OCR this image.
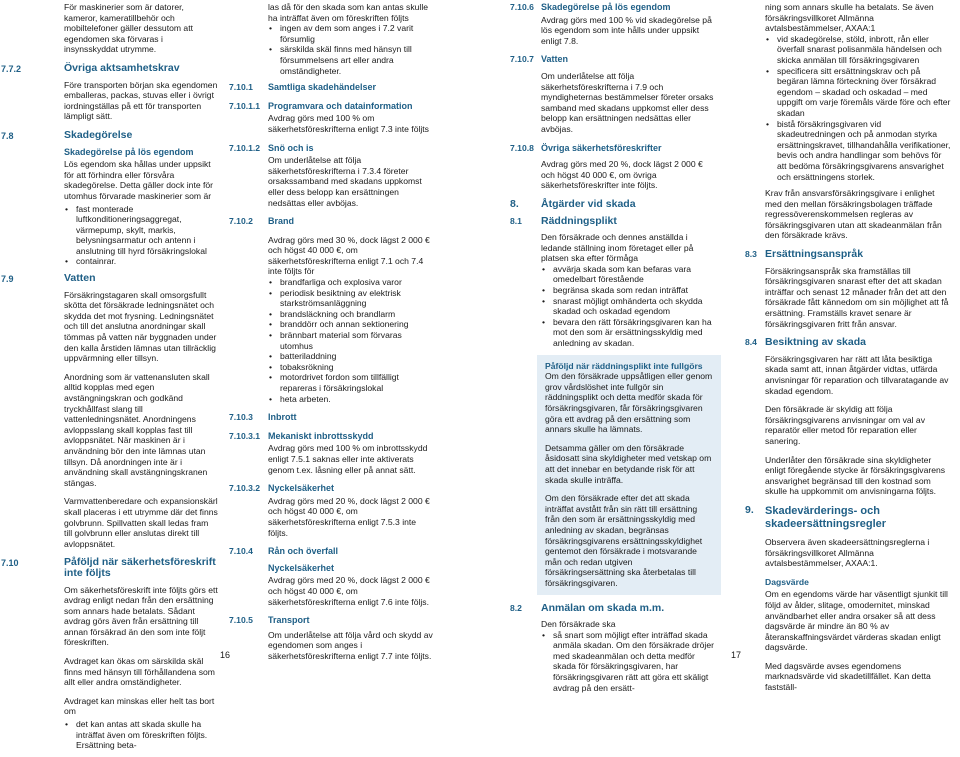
För maskinerier som är datorer, kameror, kameratillbehör och mobiltelefoner gäller dessutom att egendomen ska förvaras i insynsskyddat utrymme.

7.7.2	Övriga aktsamhetskrav

Före transporten början ska egendomen emballeras, packas, stuvas eller i övrigt iordningställas på ett för transporten lämpligt sätt.

7.8	Skadegörelse
Skadegörelse på lös egendom

Lös egendom ska hållas under uppsikt för att förhindra eller försvåra skadegörelse. Detta gäller dock inte för utomhus förvarade maskinerier som är

• fast monterade luftkonditioneringsaggregat, värmepump, skylt, markis, belysningsarmatur och antenn i anslutning till hyrd försäkringslokal
• containrar.
7.9	Vatten

Försäkringstagaren skall omsorgsfullt skötta det försäkrade ledningsnätet och skydda det mot frysning. Ledningsnätet och till det anslutna anordningar skall tömmas på vatten när byggnaden under den kalla årstiden lämnas utan tillräcklig uppvärmning eller tillsyn.

Anordning som är vattenansluten skall alltid kopplas med egen avstängningskran och godkänd tryckhållfast slang till vattenledningsnätet. Anordningens avloppsslang skall kopplas fast till avloppsnätet. När maskinen är i användning bör den inte lämnas utan tillsyn. Då anordningen inte är i användning skall avstängningskranen stängas.

Varmvattenberedare och expansionskärl skall placeras i ett utrymme där det finns golvbrunn. Spillvatten skall ledas fram till golvbrunn eller anslutas direkt till avloppsnätet.

7.10	Påföljd när säkerhetsföreskrift inte följts

Om säkerhetsföreskrift inte följts görs ett avdrag enligt nedan från den ersättning som annars hade betalats. Sådant avdrag görs även från ersättning till annan försäkrad än den som inte följt föreskriften.

Avdraget kan ökas om särskilda skäl finns med hänsyn till förhållandena som allt eller andra omständigheter.

Avdraget kan minskas eller helt tas bort om

• det kan antas att skada skulle ha inträffat även om föreskriften följts. Ersättning beta-

las då för den skada som kan antas skulle ha inträffat även om föreskriften följts

• ingen av dem som anges i 7.2 varit försumlig
• särskilda skäl finns med hänsyn till försummelsens art eller andra omständigheter.
7.10.1 Samtliga skadehändelser
7.10.1.1 Programvara och datainformation

Avdrag görs med 100 % om säkerhetsföreskrifterna enligt 7.3 inte följts

7.10.1.2 Snö och is

Om underlåtelse att följa säkerhetsföreskrifterna i 7.3.4 företer orsakssamband med skadans uppkomst eller dess belopp kan ersättningen nedsättas eller avböjas.

7.10.2 Brand

Avdrag görs med 30 %, dock lägst 2 000 € och högst 40 000 €, om säkerhetsföreskrifterna enligt 7.1 och 7.4 inte följts för

• brandfarliga och explosiva varor
• periodisk besiktning av elektrisk starkströmsanläggning
• brandsläckning och brandlarm
• branddörr och annan sektionering
• brännbart material som förvaras utomhus
• batteriladdning
• tobaksrökning
• motordrivet fordon som tillfälligt repareras i försäkringslokal
• heta arbeten.
7.10.3 Inbrott
7.10.3.1 Mekaniskt inbrottsskydd

Avdrag görs med 100 % om inbrottsskydd enligt 7.5.1 saknas eller inte aktiverats genom t.ex. låsning eller på annat sätt.

7.10.3.2 Nyckelsäkerhet

Avdrag görs med 20 %, dock lägst 2 000 € och högst 40 000 €, om säkerhetsföreskrifterna enligt 7.5.3 inte följts.

7.10.4 Rån och överfall
Nyckelsäkerhet

Avdrag görs med 20 %, dock lägst 2 000 € och högst 40 000 €, om säkerhetsföreskrifterna enligt 7.6 inte följs.

7.10.5 Transport

Om underlåtelse att följa vård och skydd av egendomen som anges i säkerhetsföreskrifterna enligt 7.7 inte följts.

16
7.10.6 Skadegörelse på lös egendom

Avdrag görs med 100 % vid skadegörelse på lös egendom som inte hålls under uppsikt enligt 7.8.

7.10.7 Vatten

Om underlåtelse att följa säkerhetsföreskrifterna i 7.9 och myndigheternas bestämmelser företer orsaks samband med skadans uppkomst eller dess belopp kan ersättningen nedsättas eller avböjas.

7.10.8 Övriga säkerhetsföreskrifter

Avdrag görs med 20 %, dock lägst 2 000 € och högst 40 000 €, om övriga säkerhetsföreskrifter inte följts.

8. Åtgärder vid skada
8.1 Räddningsplikt

Den försäkrade och dennes anställda i ledande ställning inom företaget eller på platsen ska efter förmåga

• avvärja skada som kan befaras vara omedelbart förestående
• begränsa skada som redan inträffat
• snarast möjligt omhänderta och skydda skadad och oskadad egendom
• bevara den rätt försäkringsgivaren kan ha mot den som är ersättningsskyldig med anledning av skadan.
Påföljd när räddningsplikt inte fullgörs

Om den försäkrade uppsåtligen eller genom grov vårdslöshet inte fullgör sin räddningsplikt och detta medför skada för försäkringsgivaren, får försäkringsgivaren göra ett avdrag på den ersättning som annars skulle ha lämnats.

Detsamma gäller om den försäkrade åsidosatt sina skyldigheter med vetskap om att det innebar en betydande risk för att skada skulle inträffa.

Om den försäkrade efter det att skada inträffat avstått från sin rätt till ersättning från den som är ersättningsskyldig med anledning av skadan, begränsas försäkringsgivarens ersättningsskyldighet gentemot den försäkrade i motsvarande mån och redan utgiven försäkringsersättning ska återbetalas till försäkringsgivaren.

8.2 Anmälan om skada m.m.

Den försäkrade ska

• så snart som möjligt efter inträffad skada anmäla skadan. Om den försäkrade dröjer med skadeanmälan och detta medför skada för försäkringsgivaren, har försäkringsgivaren rätt att göra ett skäligt avdrag på den ersätt-
17

ning som annars skulle ha betalats. Se även försäkringsvillkoret Allmänna avtalsbestämmelser, AXAA:1

• vid skadegörelse, stöld, inbrott, rån eller överfall snarast polisanmäla händelsen och skicka anmälan till försäkringsgivaren
• specificera sitt ersättningskrav och på begäran lämna förteckning över försäkrad egendom – skadad och oskadad – med uppgift om varje föremåls värde före och efter skadan
• bistå försäkringsgivaren vid skadeutredningen och på anmodan styrka ersättningskravet, tillhandahålla verifikationer, bevis och andra handlingar som behövs för att bedöma försäkringsgivarens ansvarighet och ersättningens storlek.

Krav från ansvarsförsäkringsgivare i enlighet med den mellan försäkringsbolagen träffade regressöverenskommelsen regleras av försäkringsgivaren utan att skadeanmälan från den försäkrade krävs.

8.3 Ersättningsanspråk

Försäkringsanspråk ska framställas till försäkringsgivaren snarast efter det att skadan inträffar och senast 12 månader från det att den försäkrade fått kännedom om sin möjlighet att få ersättning. Framställs kravet senare är försäkringsgivaren fritt från ansvar.

8.4 Besiktning av skada

Försäkringsgivaren har rätt att låta besiktiga skada samt att, innan åtgärder vidtas, utfärda anvisningar för reparation och tillvaratagande av skadad egendom.

Den försäkrade är skyldig att följa försäkringsgivarens anvisningar om val av reparatör eller metod för reparation eller sanering.

Underlåter den försäkrade sina skyldigheter enligt föregående stycke är försäkringsgivarens ansvarighet begränsad till den kostnad som skulle ha uppkommit om anvisningarna följts.

9. Skadevärderings- och skadeersättningsregler

Observera även skadeersättningsreglerna i försäkringsvillkoret Allmänna avtalsbestämmelser, AXAA:1.

Dagsvärde

Om en egendoms värde har väsentligt sjunkit till följd av ålder, slitage, omodernitet, minskad användbarhet eller andra orsaker så att dess dagsvärde är mindre än 80 % av återanskaffningsvärdet värderas skadan enligt dagsvärde.

Med dagsvärde avses egendomens marknadsvärde vid skadetillfället. Kan detta fastställ-
